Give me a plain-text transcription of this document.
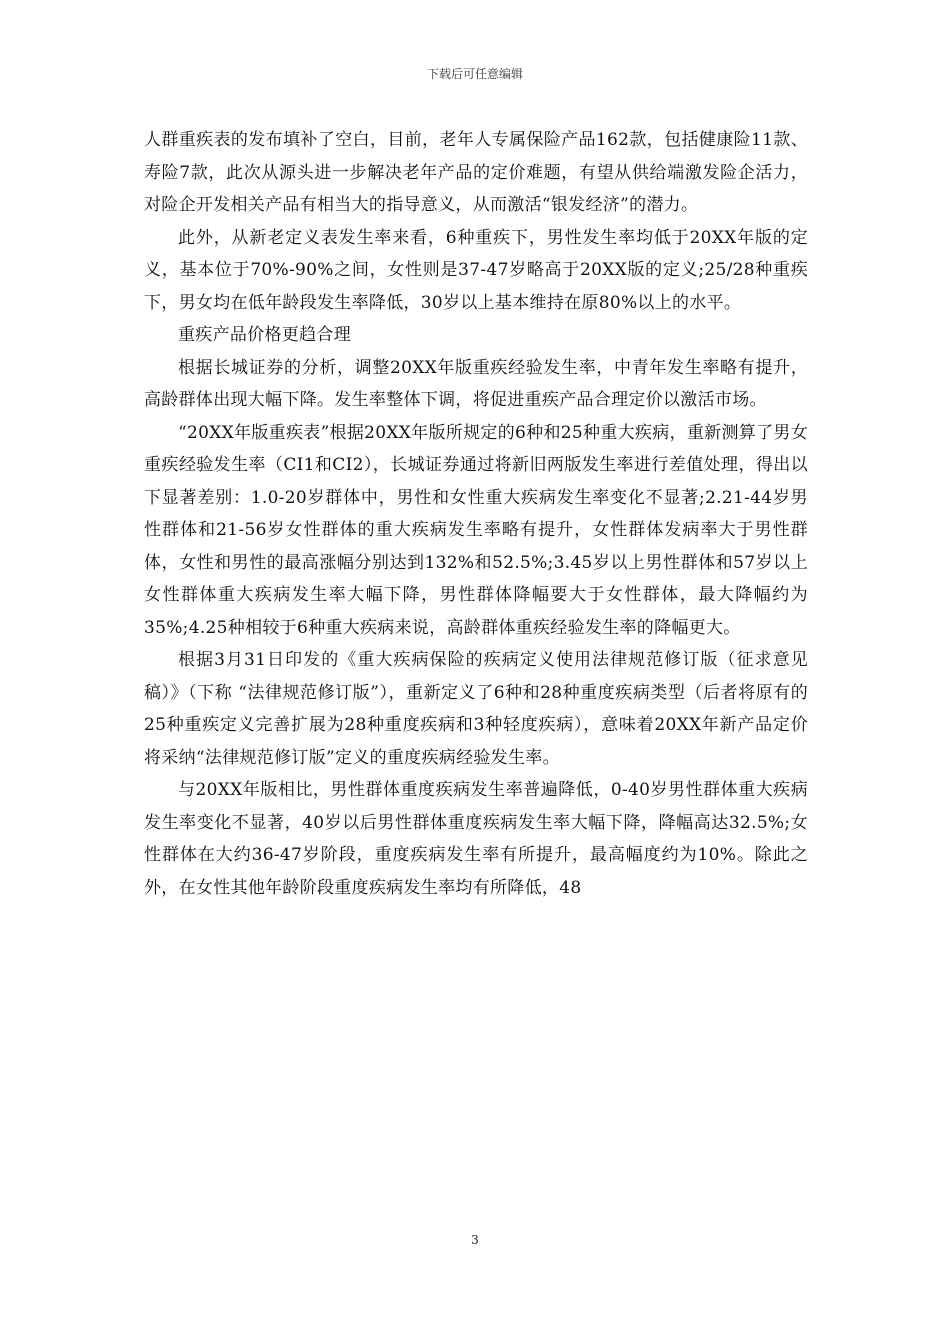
下载后可任意编辑

人群重疾表的发布填补了空白，目前，老年人专属保险产品162款，包括健康险11款、寿险7款，此次从源头进一步解决老年产品的定价难题，有望从供给端激发险企活力，对险企开发相关产品有相当大的指导意义，从而激活“银发经济”的潜力。

此外，从新老定义表发生率来看，6种重疾下，男性发生率均低于20XX年版的定义，基本位于70%-90%之间，女性则是37-47岁略高于20XX版的定义;25/28种重疾下，男女均在低年龄段发生率降低，30岁以上基本维持在原80%以上的水平。

重疾产品价格更趋合理

根据长城证券的分析，调整20XX年版重疾经验发生率，中青年发生率略有提升，高龄群体出现大幅下降。发生率整体下调，将促进重疾产品合理定价以激活市场。

“20XX年版重疾表”根据20XX年版所规定的6种和25种重大疾病，重新测算了男女重疾经验发生率（CI1和CI2），长城证券通过将新旧两版发生率进行差值处理，得出以下显著差别：1.0-20岁群体中，男性和女性重大疾病发生率变化不显著;2.21-44岁男性群体和21-56岁女性群体的重大疾病发生率略有提升，女性群体发病率大于男性群体，女性和男性的最高涨幅分别达到132%和52.5%;3.45岁以上男性群体和57岁以上女性群体重大疾病发生率大幅下降，男性群体降幅要大于女性群体，最大降幅约为35%;4.25种相较于6种重大疾病来说，高龄群体重疾经验发生率的降幅更大。

根据3月31日印发的《重大疾病保险的疾病定义使用法律规范修订版（征求意见稿）》（下称 “法律规范修订版”），重新定义了6种和28种重度疾病类型（后者将原有的25种重疾定义完善扩展为28种重度疾病和3种轻度疾病），意味着20XX年新产品定价将采纳“法律规范修订版”定义的重度疾病经验发生率。

与20XX年版相比，男性群体重度疾病发生率普遍降低，0-40岁男性群体重大疾病发生率变化不显著，40岁以后男性群体重度疾病发生率大幅下降，降幅高达32.5%;女性群体在大约36-47岁阶段，重度疾病发生率有所提升，最高幅度约为10%。除此之外，在女性其他年龄阶段重度疾病发生率均有所降低，48

3
